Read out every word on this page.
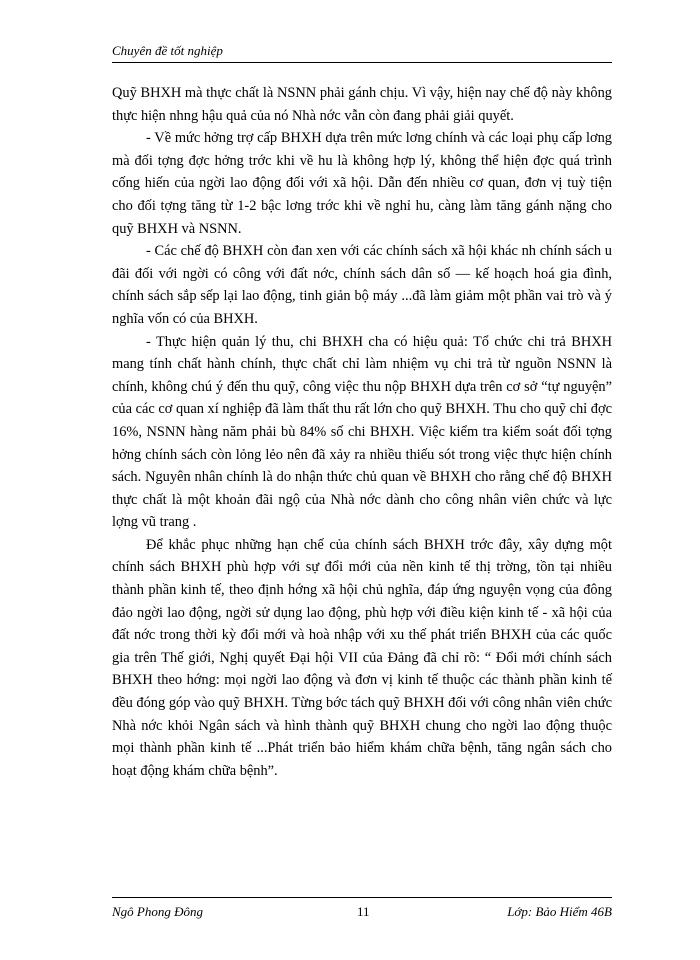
Chuyên đề tốt nghiệp

Quỹ BHXH mà thực chất là NSNN phải gánh chịu. Vì vậy, hiện nay chế độ này không thực hiện nhng hậu quả của nó Nhà nớc vẫn còn đang phải giải quyết.

- Về mức hởng trợ cấp BHXH dựa trên mức lơng chính và các loại phụ cấp lơng mà đối tợng đợc hởng trớc khi về hu là không hợp lý, không thể hiện đợc quá trình cống hiến của ngời lao động đối với xã hội. Dẫn đến nhiều cơ quan, đơn vị tuỳ tiện cho đối tợng tăng từ 1-2 bậc lơng trớc khi về nghỉ hu, càng làm tăng gánh nặng cho quỹ BHXH và NSNN.

- Các chế độ BHXH còn đan xen với các chính sách xã hội khác nh chính sách u đãi đối với ngời có công với đất nớc, chính sách dân số — kế hoạch hoá gia đình, chính sách sắp sếp lại lao động, tinh giản bộ máy ...đã làm giảm một phần vai trò và ý nghĩa vốn có của BHXH.

- Thực hiện quản lý thu, chi BHXH cha có hiệu quả: Tổ chức chi trả BHXH mang tính chất hành chính, thực chất chỉ làm nhiệm vụ chi trả từ nguồn NSNN là chính, không chú ý đến thu quỹ, công việc thu nộp BHXH dựa trên cơ sở “tự nguyện” của các cơ quan xí nghiệp đã làm thất thu rất lớn cho quỹ BHXH. Thu cho quỹ chỉ đợc 16%, NSNN hàng năm phải bù 84% số chi BHXH. Việc kiểm tra kiểm soát đối tợng hởng chính sách còn lỏng lẻo nên đã xảy ra nhiều thiếu sót trong việc thực hiện chính sách. Nguyên nhân chính là do nhận thức chủ quan về BHXH cho rằng chế độ BHXH thực chất là một khoản đãi ngộ của Nhà nớc dành cho công nhân viên chức và lực lợng vũ trang .

Để khắc phục những hạn chế của chính sách BHXH trớc đây, xây dựng một chính sách BHXH phù hợp với sự đổi mới của nền kinh tế thị trờng, tồn tại nhiều thành phần kinh tế, theo định hớng xã hội chủ nghĩa, đáp ứng nguyện vọng của đông đảo ngời lao động, ngời sử dụng lao động, phù hợp với điều kiện kinh tế - xã hội của đất nớc trong thời kỳ đổi mới và hoà nhập với xu thế phát triển BHXH của các quốc gia trên Thế giới, Nghị quyết Đại hội VII của Đảng đã chỉ rõ: “ Đổi mới chính sách BHXH theo hớng: mọi ngời lao động và đơn vị kinh tế thuộc các thành phần kinh tế đều đóng góp vào quỹ BHXH. Từng bớc tách quỹ BHXH đối với công nhân viên chức Nhà nớc khỏi Ngân sách và hình thành quỹ BHXH chung cho ngời lao động thuộc mọi thành phần kinh tế ...Phát triển bảo hiểm khám chữa bệnh, tăng ngân sách cho hoạt động khám chữa bệnh”.

Ngô Phong Đông	11	Lớp: Bảo Hiểm 46B
